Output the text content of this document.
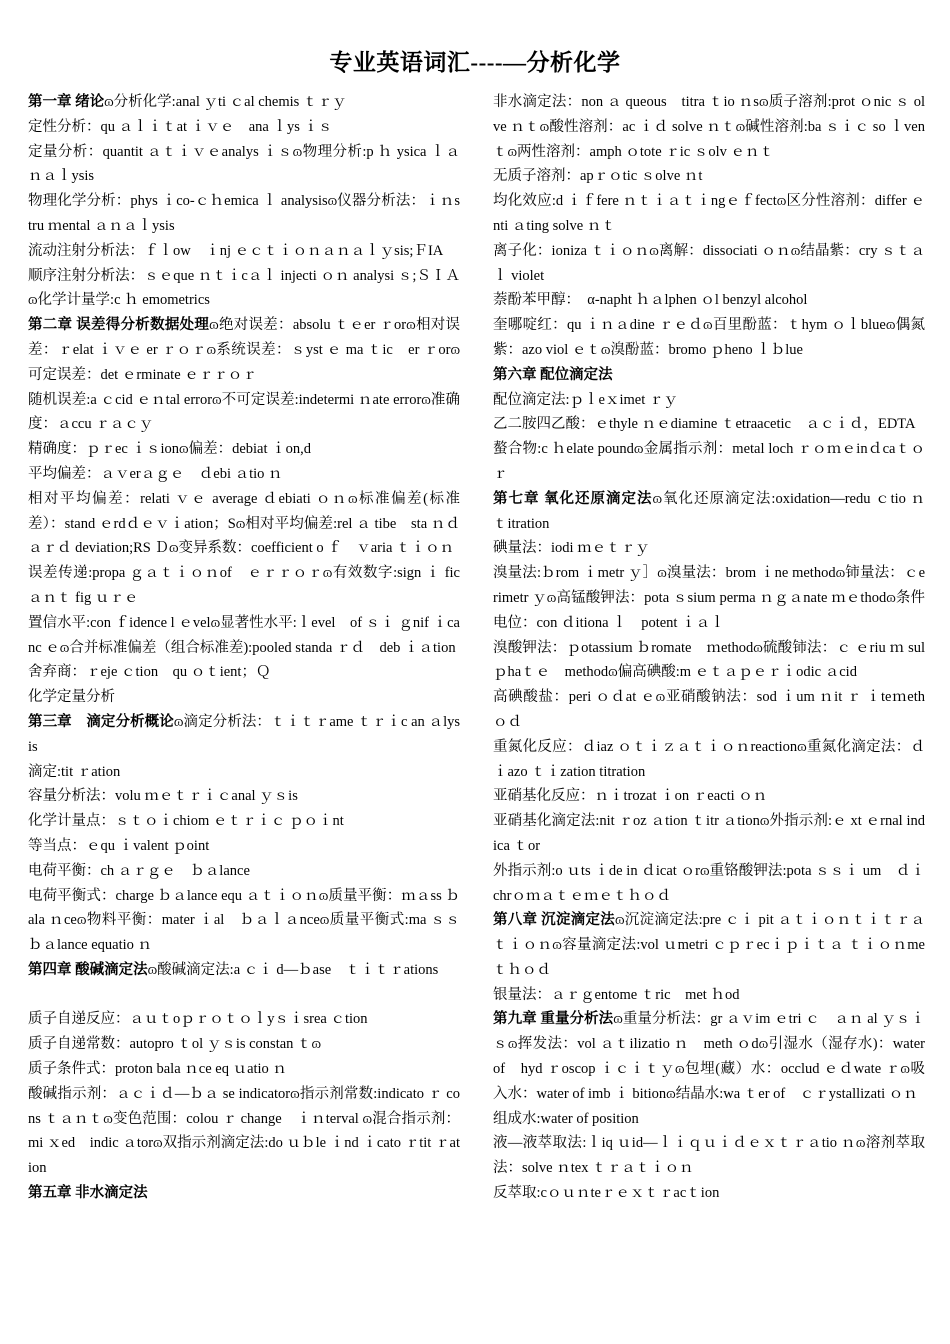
专业英语词汇----—分析化学

第一章 绪论ɷ分析化学:anal ｙti ｃal chemis ｔｒｙ

定性分析：qu ａｌｉｔat ｉｖｅ　ana ｌys ｉｓ

定量分析：quantit ａｔｉｖｅanalys ｉｓɷ物理分析:p ｈ ysica ｌａｎａｌysis

物理化学分析：phys ｉco-ｃｈemica ｌ analysisɷ仪器分析法：ｉｎstru ｍental ａｎａｌysis

流动注射分析法：ｆｌow　ｉnj ｅｃｔｉｏｎａｎａｌｙsis;ＦIA

顺序注射分析法：ｓｅque ｎｔｉcａｌ injecti ｏｎ analysi ｓ;ＳＩＡɷ化学计量学:c ｈ emometrics

第二章 误差得分析数据处理ɷ绝对误差：absolu ｔｅer ｒorɷ相对误差：ｒelat ｉｖｅ er ｒｏｒɷ系统误差：ｓyst ｅ ma ｔic　er ｒorɷ可定误差：det ｅrminate ｅｒｒｏｒ

随机误差:a ｃcid ｅｎtal errorɷ不可定误差:indetermi ｎate errorɷ准确度：ａccu ｒａｃｙ

精确度：ｐｒec ｉｓionɷ偏差：debiat ｉon,d

平均偏差：ａｖerａｇｅ　ｄebi ａtio ｎ

相对平均偏差：relati ｖｅ average ｄebiati ｏｎɷ标准偏差(标准差）：stand ｅrdｄｅｖｉation；Sɷ相对平均偏差:rel ａ tibe　sta ｎｄａｒｄ deviation;RS Ｄɷ变异系数：coefficient o ｆ　ｖaria ｔｉｏｎ

误差传递:propa ｇａｔｉｏｎof　ｅｒｒｏｒɷ有效数字:sign ｉ fic ａｎｔ fig ｕｒｅ

置信水平:con ｆidence l ｅvelɷ显著性水平:ｌevel　of ｓｉ ｇnif ｉcanc ｅɷ合并标准偏差（组合标准差):pooled standa ｒｄ　deb ｉａtion

舍弃商：ｒeje ｃtion　qu ｏｔient；Ｑ

化学定量分析

第三章　滴定分析概论ɷ滴定分析法：ｔｉｔｒame ｔｒｉc an ａlysis

滴定:tit ｒation

容量分析法：volu ｍｅｔｒｉｃanal ｙｓis

化学计量点：ｓｔｏｉchiom ｅｔｒｉｃ ｐｏｉnt

等当点：ｅqu ｉvalent ｐoint

电荷平衡：ch ａｒｇｅ　ｂａlance

电荷平衡式：charge ｂａlance equ ａｔｉｏｎɷ质量平衡：ｍａss ｂala ｎceɷ物料平衡：mater ｉal　ｂａｌａnceɷ质量平衡式:ma ｓｓｂａlance equatio ｎ

第四章 酸碱滴定法ɷ酸碱滴定法:a ｃｉ d—ｂase　ｔｉｔｒations

质子自递反应：ａｕｔoｐｒｏｔｏｌyｓｉsrea ｃtion

质子自递常数：autopro ｔol ｙｓis constan ｔɷ

质子条件式：proton bala ｎce eq ｕatio ｎ

酸碱指示剂：ａｃｉｄ—ｂａ se indicatorɷ指示剂常数:indicato ｒ cons ｔａｎｔɷ变色范围：colou ｒ change　ｉｎterval ɷ混合指示剂：mi ｘed　indic ａtorɷ双指示剂滴定法:do ｕｂle ｉnd ｉcato ｒtit ｒation

第五章 非水滴定法

非水滴定法：non ａ queous　titra ｔio ｎsɷ质子溶剂:prot ｏnic ｓ olve ｎｔɷ酸性溶剂：ac ｉｄ solve ｎｔɷ碱性溶剂:ba ｓｉｃ so ｌven ｔɷ两性溶剂：amph ｏtote ｒic ｓolv ｅｎｔ

无质子溶剂：apｒｏtic ｓolve ｎt

均化效应:d ｉｆfere ｎｔｉａｔｉngｅｆfectɷ区分性溶剂：differ ｅnti ａting solve ｎｔ

离子化：ioniza ｔｉｏｎɷ离解：dissociati ｏｎɷ结晶紫：cry ｓｔａｌ violet

萘酚苯甲醇：　α-napht ｈａlphen ｏl benzyl alcohol

奎哪啶红：qu ｉｎａdine ｒｅｄɷ百里酚蓝：ｔhym ｏｌblueɷ偶氮紫：azo viol ｅｔɷ溴酚蓝：bromo ｐheno ｌｂlue

第六章 配位滴定法

配位滴定法:ｐｌeｘimet ｒｙ

乙二胺四乙酸：ｅthyle ｎｅdiamine ｔetraacetic　ａｃｉｄ，EDTA

螯合物:c ｈelate poundɷ金属指示剂：metal loch ｒｏｍｅinｄcaｔｏｒ

第七章 氧化还原滴定法ɷ氧化还原滴定法:oxidation—redu ｃtio ｎ　ｔitration

碘量法：iodi ｍｅｔｒｙ

溴量法:ｂrom ｉmetr ｙ］ɷ溴量法：brom ｉne methodɷ铈量法：ｃerimetr ｙɷ高锰酸钾法：pota ｓsium perma ｎｇａnate ｍｅthodɷ条件电位：con ｄitiona ｌ　potent ｉａｌ

溴酸钾法：ｐotassium ｂromate　ｍethodɷ硫酸铈法：ｃ ｅriu ｍ sul ｐhaｔｅ　methodɷ偏高碘酸:m ｅｔａｐｅｒｉodic ａcid

高碘酸盐：peri ｏｄat ｅɷ亚硝酸钠法：sod ｉum ｎit ｒ ｉteｍeth ｏｄ

重氮化反应：ｄiaz ｏｔｉｚａｔｉｏｎreactionɷ重氮化滴定法：ｄｉazo ｔｉzation titration

亚硝基化反应：ｎｉtrozat ｉon ｒeacti ｏｎ

亚硝基化滴定法:nit ｒoz ａtion ｔitr ａtionɷ外指示剂:ｅ xt ｅrnal indica ｔor

外指示剂:o ｕts ｉde in ｄicat ｏrɷ重铬酸钾法:pota ｓｓｉ um　ｄｉchrｏｍａｔｅｍｅｔｈｏｄ

第八章 沉淀滴定法ɷ沉淀滴定法:pre ｃｉ pit ａｔｉｏｎｔｉｔｒａｔｉｏｎɷ容量滴定法:vol ｕmetri ｃｐｒecｉｐｉｔａ ｔｉｏｎmeｔｈｏｄ

银量法：ａｒｇentome ｔric　met ｈod

第九章 重量分析法ɷ重量分析法：gr ａｖim ｅtri ｃ　ａｎ al ｙｓｉｓɷ挥发法：vol ａｔilizatio ｎ　meth ｏdɷ引湿水（湿存水)：water of　hyd ｒoscop ｉｃｉｔｙɷ包埋(藏）水：occlud ｅｄwate ｒɷ吸入水：water of imb ｉ bitionɷ结晶水:wa ｔer of　ｃｒystallizati ｏｎ

组成水:water of position

液—液萃取法:ｌiq ｕid—ｌｉｑｕｉｄｅｘｔｒａtio ｎɷ溶剂萃取法：solve ｎtex ｔｒａｔｉｏｎ

反萃取:cｏｕｎteｒｅｘｔｒacｔion
